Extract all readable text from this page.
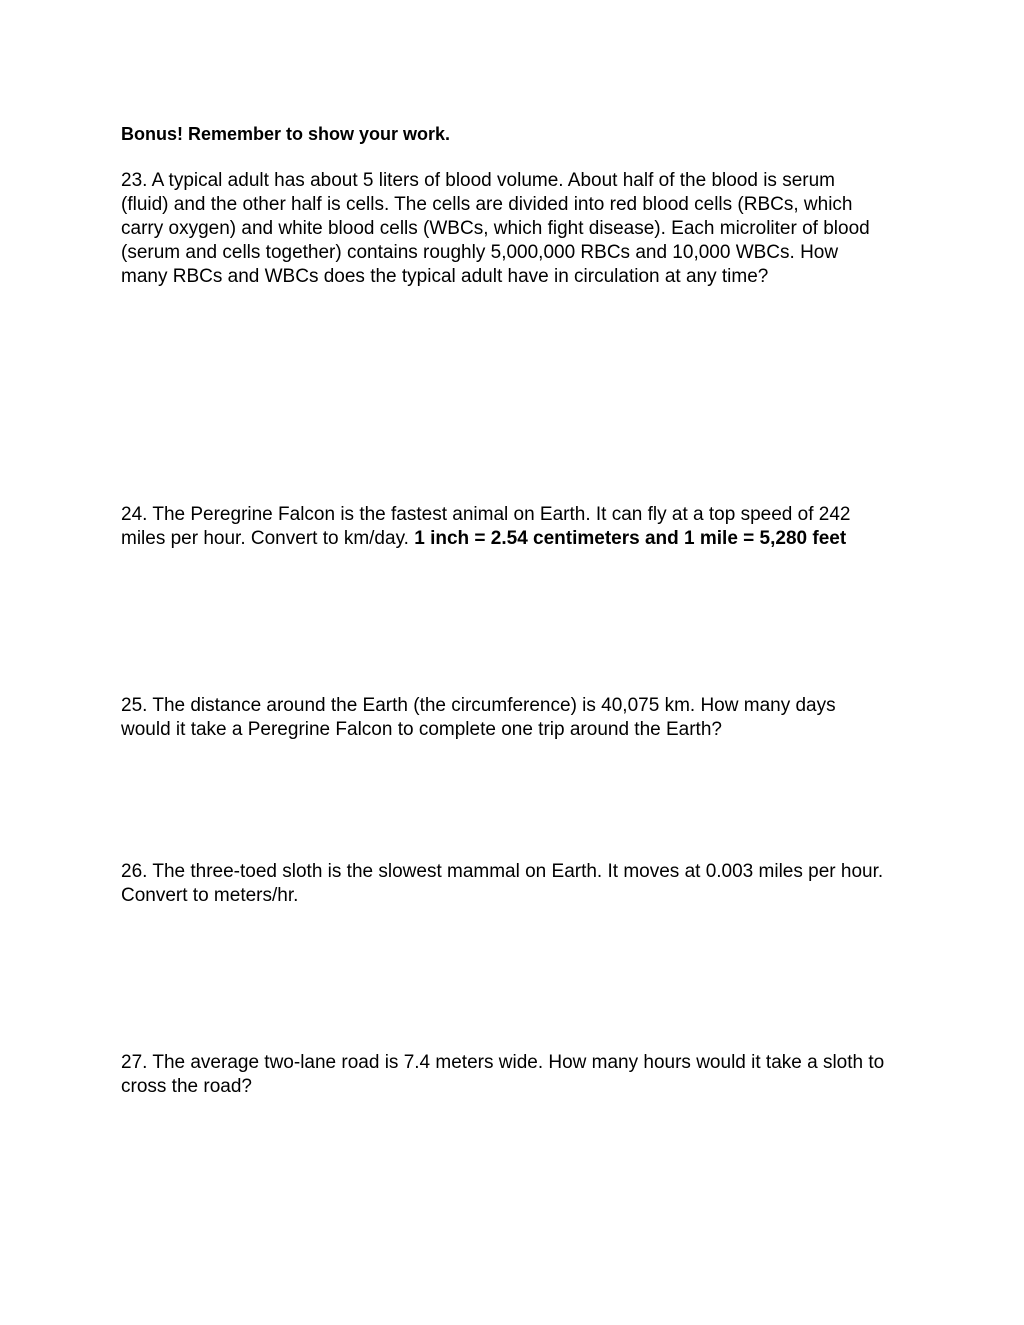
Bonus! Remember to show your work.

23. A typical adult has about 5 liters of blood volume. About half of the blood is serum
(fluid) and the other half is cells. The cells are divided into red blood cells (RBCs, which
carry oxygen) and white blood cells (WBCs, which fight disease). Each microliter of blood
(serum and cells together) contains roughly 5,000,000 RBCs and 10,000 WBCs. How
many RBCs and WBCs does the typical adult have in circulation at any time?

24. The Peregrine Falcon is the fastest animal on Earth. It can fly at a top speed of 242
miles per hour. Convert to km/day. 1 inch = 2.54 centimeters and 1 mile = 5,280 feet

25. The distance around the Earth (the circumference) is 40,075 km. How many days
would it take a Peregrine Falcon to complete one trip around the Earth?

26. The three-toed sloth is the slowest mammal on Earth. It moves at 0.003 miles per hour.
Convert to meters/hr.

27. The average two-lane road is 7.4 meters wide. How many hours would it take a sloth to
cross the road?
